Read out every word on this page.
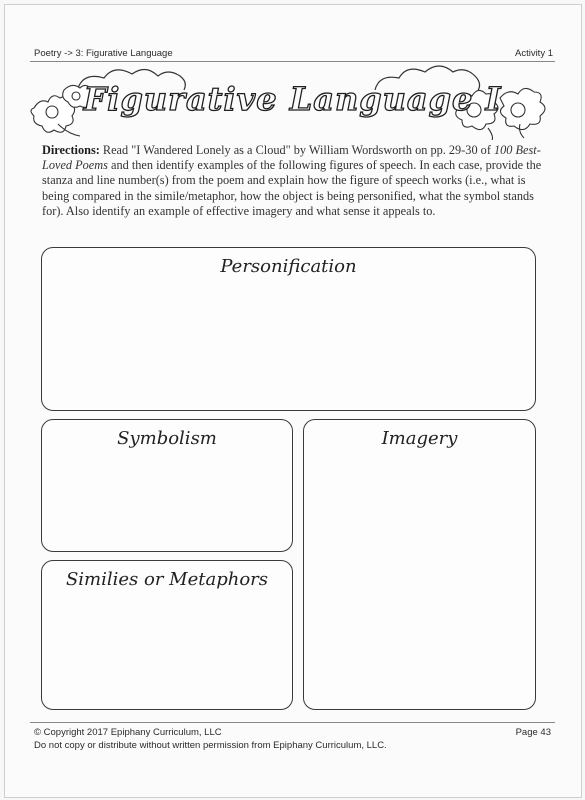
Poetry -> 3: Figurative Language	Activity 1
Figurative Language I
Directions: Read "I Wandered Lonely as a Cloud" by William Wordsworth on pp. 29-30 of 100 Best-Loved Poems and then identify examples of the following figures of speech. In each case, provide the stanza and line number(s) from the poem and explain how the figure of speech works (i.e., what is being compared in the simile/metaphor, how the object is being personified, what the symbol stands for). Also identify an example of effective imagery and what sense it appeals to.
Personification
Symbolism	Imagery
Similies or Metaphors
© Copyright 2017 Epiphany Curriculum, LLC
Do not copy or distribute without written permission from Epiphany Curriculum, LLC.
Page 43
